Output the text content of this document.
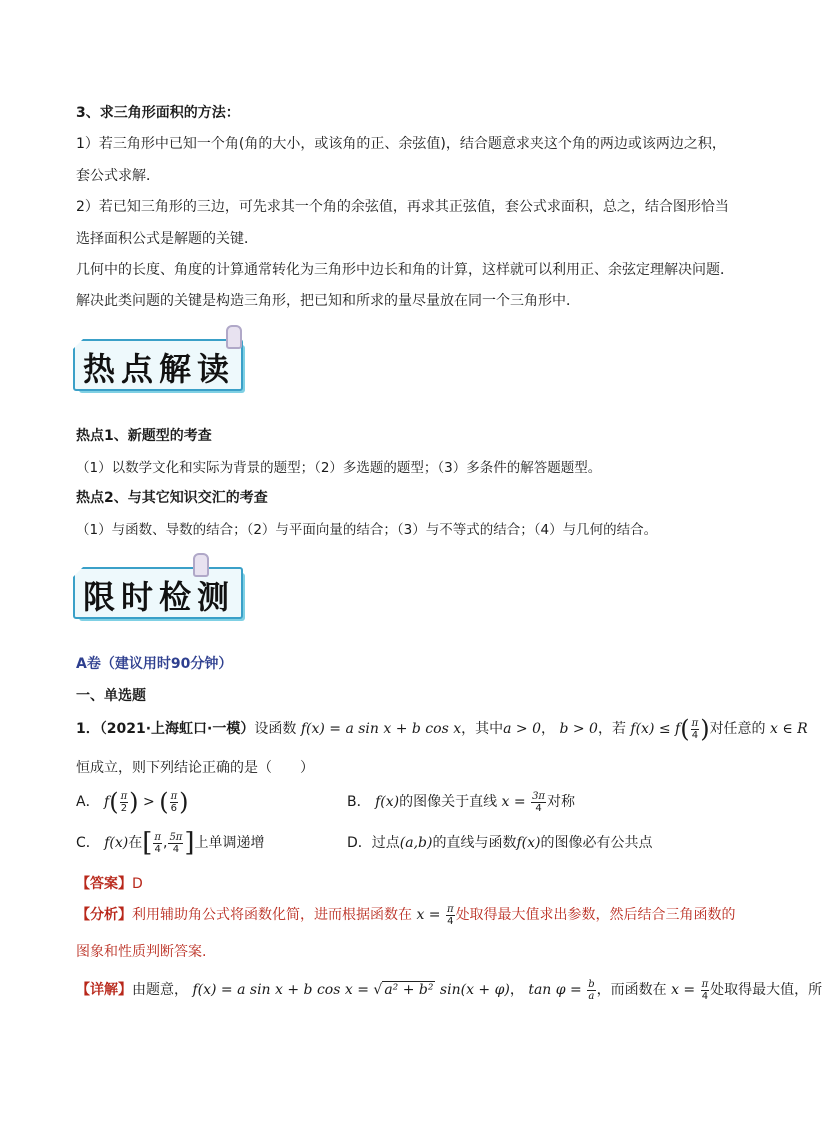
3、求三角形面积的方法：
1）若三角形中已知一个角(角的大小，或该角的正、余弦值)，结合题意求夹这个角的两边或该两边之积，
套公式求解．
2）若已知三角形的三边，可先求其一个角的余弦值，再求其正弦值，套公式求面积，总之，结合图形恰当
选择面积公式是解题的关键．
几何中的长度、角度的计算通常转化为三角形中边长和角的计算，这样就可以利用正、余弦定理解决问题．
解决此类问题的关键是构造三角形，把已知和所求的量尽量放在同一个三角形中．
热点解读
热点1、新题型的考查
（1）以数学文化和实际为背景的题型；（2）多选题的题型；（3）多条件的解答题题型。
热点2、与其它知识交汇的考查
（1）与函数、导数的结合；（2）与平面向量的结合；（3）与不等式的结合；（4）与几何的结合。
限时检测
A卷（建议用时90分钟）
一、单选题
1．（2021·上海虹口·一模）设函数 f(x) = a sin x + b cos x，其中a > 0， b > 0，若 $f(x) \le f( \frac{\pi}{4}$ )对任意的 x ∈ R
恒成立，则下列结论正确的是（　　）
A． $f( \frac{\pi}{2}$ ) > ( $\frac{\pi}{6}$ )	B． f(x)的图像关于直线 $x = \frac{3\pi}{4}$ 对称
C． f(x)在[ $\frac{\pi}{4}$ , $\frac{5\pi}{4}$ ]上单调递增	D．过点(a,b)的直线与函数f(x)的图像必有公共点
【答案】D
【分析】利用辅助角公式将函数化简，进而根据函数在 $x = \frac{\pi}{4}$ 处取得最大值求出参数，然后结合三角函数的
图象和性质判断答案.
【详解】由题意， f(x) = a sin x + b cos x = √ a² + b² sin(x + φ)， $\tan \varphi = \frac{b}{a}$ ，而函数在 $x = \frac{\pi}{4}$ 处取得最大值，所
